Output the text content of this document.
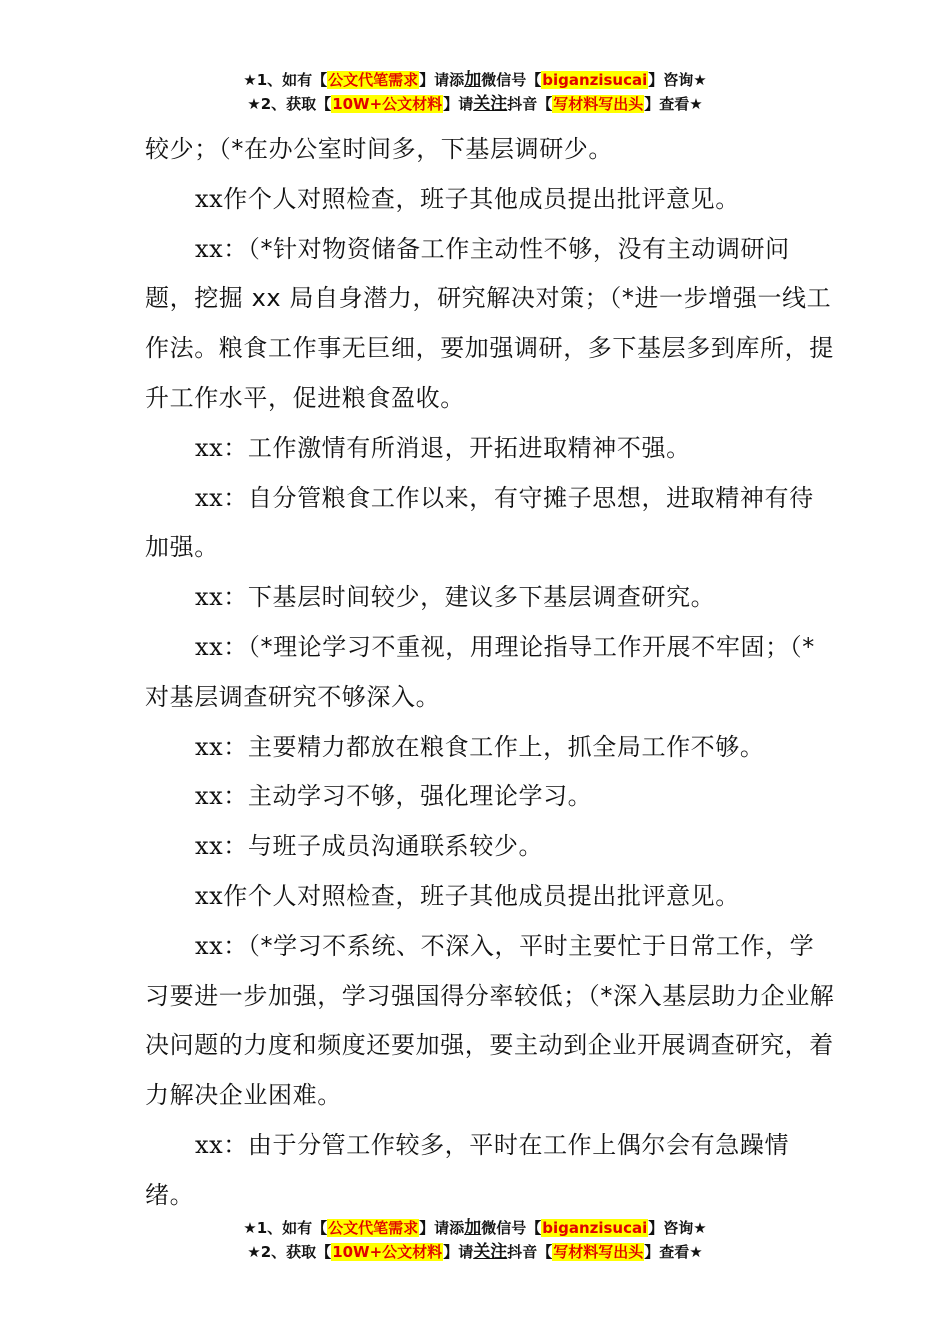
★1、如有【公文代笔需求】请添加微信号【biganzisucai】咨询★
★2、获取【10W+公文材料】请关注抖音【写材料写出头】查看★

较少；（*在办公室时间多，下基层调研少。

xx作个人对照检查，班子其他成员提出批评意见。

xx：（*针对物资储备工作主动性不够，没有主动调研问题，挖掘 xx 局自身潜力，研究解决对策；（*进一步增强一线工作法。粮食工作事无巨细，要加强调研，多下基层多到库所，提升工作水平，促进粮食盈收。

xx：工作激情有所消退，开拓进取精神不强。

xx：自分管粮食工作以来，有守摊子思想，进取精神有待加强。

xx：下基层时间较少，建议多下基层调查研究。

xx：（*理论学习不重视，用理论指导工作开展不牢固；（*对基层调查研究不够深入。

xx：主要精力都放在粮食工作上，抓全局工作不够。

xx：主动学习不够，强化理论学习。

xx：与班子成员沟通联系较少。

xx作个人对照检查，班子其他成员提出批评意见。

xx：（*学习不系统、不深入，平时主要忙于日常工作，学习要进一步加强，学习强国得分率较低；（*深入基层助力企业解决问题的力度和频度还要加强，要主动到企业开展调查研究，着力解决企业困难。

xx：由于分管工作较多，平时在工作上偶尔会有急躁情绪。

★1、如有【公文代笔需求】请添加微信号【biganzisucai】咨询★
★2、获取【10W+公文材料】请关注抖音【写材料写出头】查看★
